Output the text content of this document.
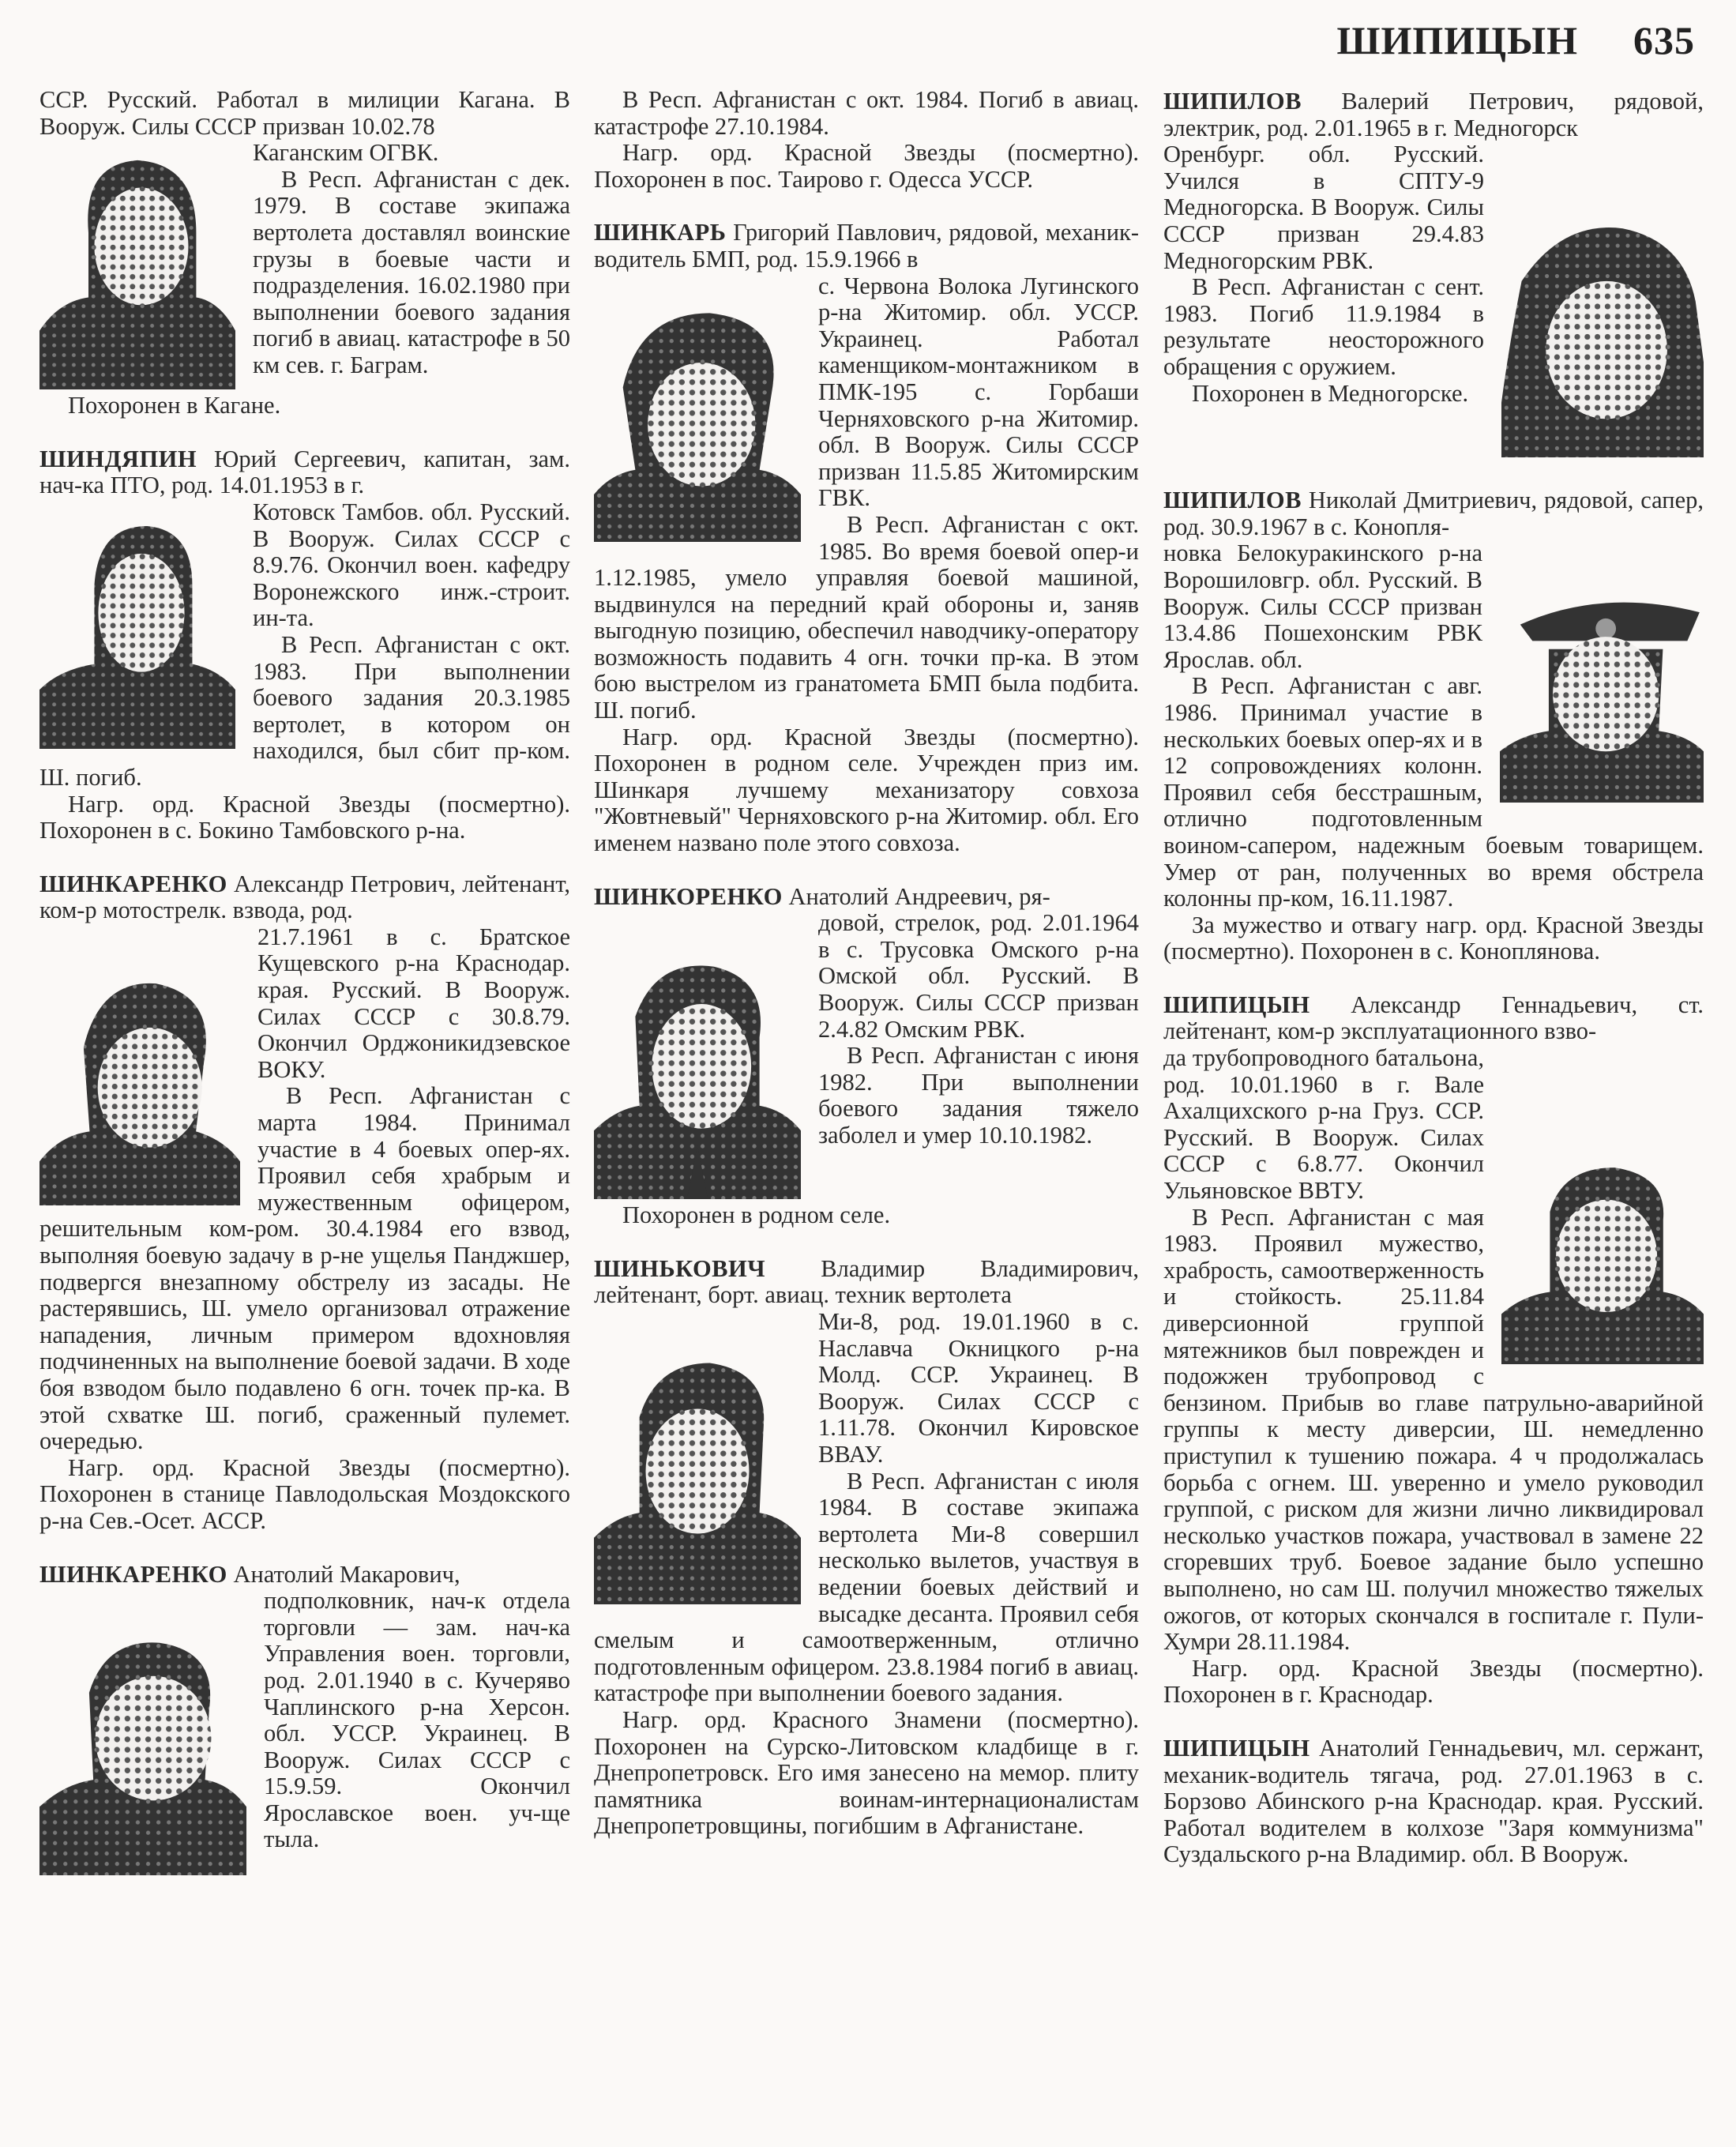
ШИПИЦЫН 635

ССР. Русский. Работал в милиции Кагана. В Вооруж. Силы СССР призван 10.02.78

Каганским ОГВК.

В Респ. Афганистан с дек. 1979. В составе экипажа вертолета доставлял воинские грузы в боевые части и подразделения. 16.02.1980 при выполнении боевого задания погиб в авиац. катастрофе в 50 км сев. г. Баграм.

Похоронен в Кагане.

ШИНДЯПИН Юрий Сергеевич, капитан, зам. нач-ка ПТО, род. 14.01.1953 в г.

Котовск Тамбов. обл. Русский. В Вооруж. Силах СССР с 8.9.76. Окончил воен. кафедру Воронежского инж.-строит. ин-та.

В Респ. Афганистан с окт. 1983. При выполнении боевого задания 20.3.1985 вертолет, в котором он находился, был сбит пр-ком. Ш. погиб.

Нагр. орд. Красной Звезды (посмертно). Похоронен в с. Бокино Тамбовского р-на.

ШИНКАРЕНКО Александр Петрович, лейтенант, ком-р мотострелк. взвода, род.

21.7.1961 в с. Братское Кущевского р-на Краснодар. края. Русский. В Вооруж. Силах СССР с 30.8.79. Окончил Орджоникидзевское ВОКУ.

В Респ. Афганистан с марта 1984. Принимал участие в 4 боевых опер-ях. Проявил себя храбрым и мужественным офицером, решительным ком-ром. 30.4.1984 его взвод, выполняя боевую задачу в р-не ущелья Панджшер, подвергся внезапному обстрелу из засады. Не растерявшись, Ш. умело организовал отражение нападения, личным примером вдохновляя подчиненных на выполнение боевой задачи. В ходе боя взводом было подавлено 6 огн. точек пр-ка. В этой схватке Ш. погиб, сраженный пулемет. очередью.

Нагр. орд. Красной Звезды (посмертно). Похоронен в станице Павлодольская Моздокского р-на Сев.-Осет. АССР.

ШИНКАРЕНКО Анатолий Макарович,

подполковник, нач-к отдела торговли — зам. нач-ка Управления воен. торговли, род. 2.01.1940 в с. Кучеряво Чаплинского р-на Херсон. обл. УССР. Украинец. В Вооруж. Силах СССР с 15.9.59. Окончил Ярославское воен. уч-ще тыла.

В Респ. Афганистан с окт. 1984. Погиб в авиац. катастрофе 27.10.1984.

Нагр. орд. Красной Звезды (посмертно). Похоронен в пос. Таирово г. Одесса УССР.

ШИНКАРЬ Григорий Павлович, рядовой, механик-водитель БМП, род. 15.9.1966 в

с. Червона Волока Лугинского р-на Житомир. обл. УССР. Украинец. Работал каменщиком-монтажником в ПМК-195 с. Горбаши Черняховского р-на Житомир. обл. В Вооруж. Силы СССР призван 11.5.85 Житомирским ГВК.

В Респ. Афганистан с окт. 1985. Во время боевой опер-и 1.12.1985, умело управляя боевой машиной, выдвинулся на передний край обороны и, заняв выгодную позицию, обеспечил наводчику-оператору возможность подавить 4 огн. точки пр-ка. В этом бою выстрелом из гранатомета БМП была подбита. Ш. погиб.

Нагр. орд. Красной Звезды (посмертно). Похоронен в родном селе. Учрежден приз им. Шинкаря лучшему механизатору совхоза "Жовтневый" Черняховского р-на Житомир. обл. Его именем названо поле этого совхоза.

ШИНКОРЕНКО Анатолий Андреевич, ря-

довой, стрелок, род. 2.01.1964 в с. Трусовка Омского р-на Омской обл. Русский. В Вооруж. Силы СССР призван 2.4.82 Омским РВК.

В Респ. Афганистан с июня 1982. При выполнении боевого задания тяжело заболел и умер 10.10.1982.

Похоронен в родном селе.

ШИНЬКОВИЧ Владимир Владимирович, лейтенант, борт. авиац. техник вертолета

Ми-8, род. 19.01.1960 в с. Наславча Окницкого р-на Молд. ССР. Украинец. В Вооруж. Силах СССР с 1.11.78. Окончил Кировское ВВАУ.

В Респ. Афганистан с июля 1984. В составе экипажа вертолета Ми-8 совершил несколько вылетов, участвуя в ведении боевых действий и высадке десанта. Проявил себя смелым и самоотверженным, отлично подготовленным офицером. 23.8.1984 погиб в авиац. катастрофе при выполнении боевого задания.

Нагр. орд. Красного Знамени (посмертно). Похоронен на Сурско-Литовском кладбище в г. Днепропетровск. Его имя занесено на мемор. плиту памятника воинам-интернационалистам Днепропетровщины, погибшим в Афганистане.

ШИПИЛОВ Валерий Петрович, рядовой, электрик, род. 2.01.1965 в г. Медногорск

Оренбург. обл. Русский. Учился в СПТУ-9 Медногорска. В Вооруж. Силы СССР призван 29.4.83 Медногорским РВК.

В Респ. Афганистан с сент. 1983. Погиб 11.9.1984 в результате неосторожного обращения с оружием.

Похоронен в Медногорске.

ШИПИЛОВ Николай Дмитриевич, рядовой, сапер, род. 30.9.1967 в с. Конопля-

новка Белокуракинского р-на Ворошиловгр. обл. Русский. В Вооруж. Силы СССР призван 13.4.86 Пошехонским РВК Ярослав. обл.

В Респ. Афганистан с авг. 1986. Принимал участие в нескольких боевых опер-ях и в 12 сопровождениях колонн. Проявил себя бесстрашным, отлично подготовленным воином-сапером, надежным боевым товарищем. Умер от ран, полученных во время обстрела колонны пр-ком, 16.11.1987.

За мужество и отвагу нагр. орд. Красной Звезды (посмертно). Похоронен в с. Коноплянова.

ШИПИЦЫН Александр Геннадьевич, ст. лейтенант, ком-р эксплуатационного взво-

да трубопроводного батальона, род. 10.01.1960 в г. Вале Ахалцихского р-на Груз. ССР. Русский. В Вооруж. Силах СССР с 6.8.77. Окончил Ульяновское ВВТУ.

В Респ. Афганистан с мая 1983. Проявил мужество, храбрость, самоотверженность и стойкость. 25.11.84 диверсионной группой мятежников был поврежден и подожжен трубопровод с бензином. Прибыв во главе патрульно-аварийной группы к месту диверсии, Ш. немедленно приступил к тушению пожара. 4 ч продолжалась борьба с огнем. Ш. уверенно и умело руководил группой, с риском для жизни лично ликвидировал несколько участков пожара, участвовал в замене 22 сгоревших труб. Боевое задание было успешно выполнено, но сам Ш. получил множество тяжелых ожогов, от которых скончался в госпитале г. Пули-Хумри 28.11.1984.

Нагр. орд. Красной Звезды (посмертно). Похоронен в г. Краснодар.

ШИПИЦЫН Анатолий Геннадьевич, мл. сержант, механик-водитель тягача, род. 27.01.1963 в с. Борзово Абинского р-на Краснодар. края. Русский. Работал водителем в колхозе "Заря коммунизма" Суздальского р-на Владимир. обл. В Вооруж.
